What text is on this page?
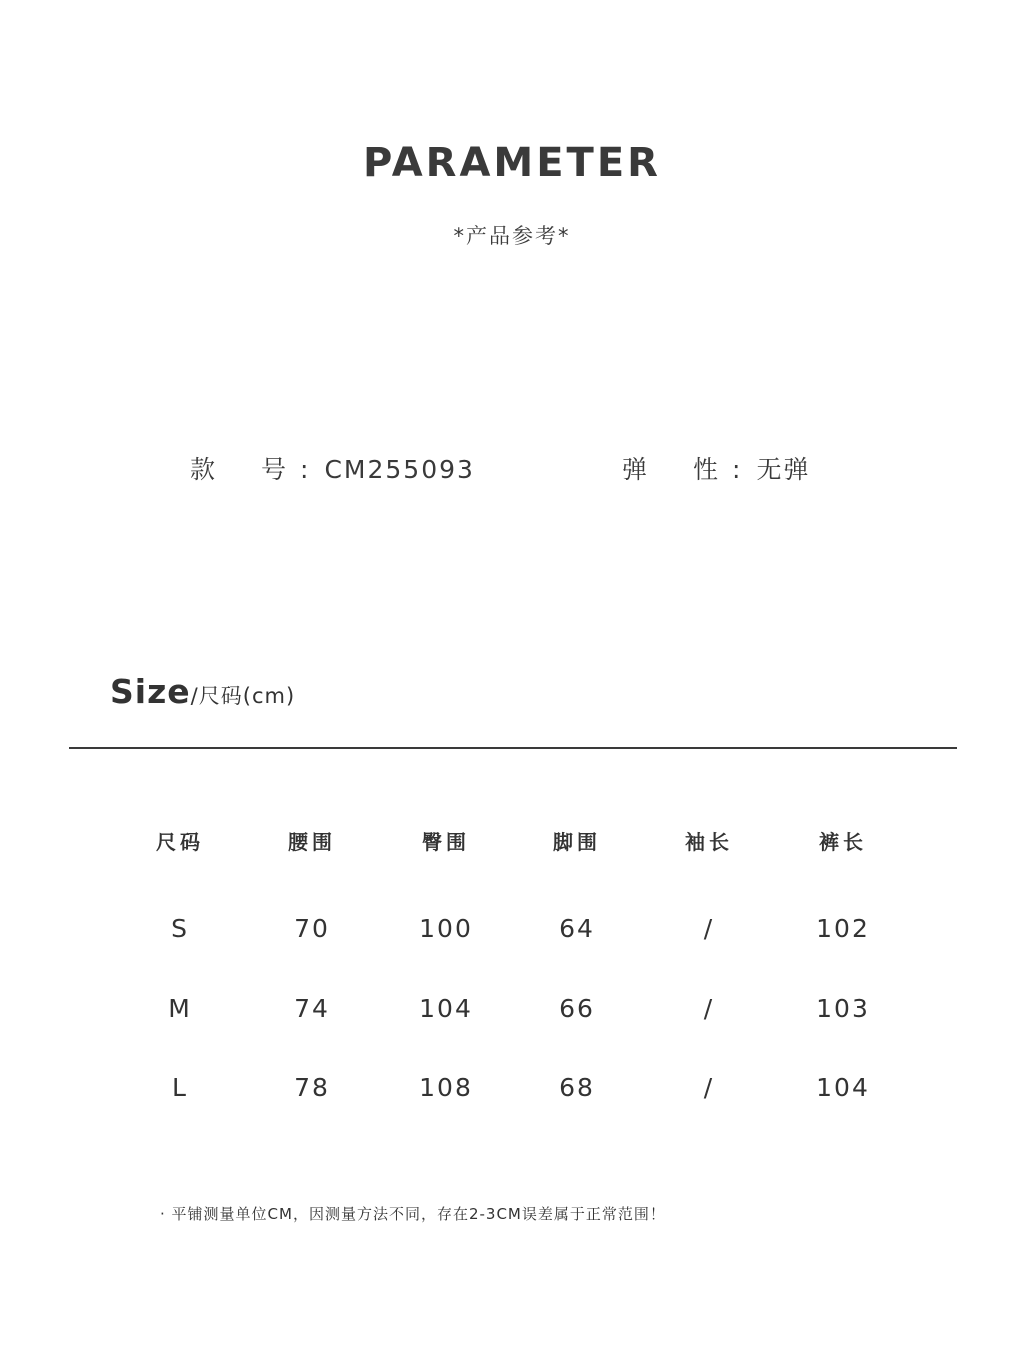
PARAMETER
*产品参考*
款 号 : CM255093	弹 性 : 无弹
Size/尺码(cm)
尺码	腰围	臀围	脚围	袖长	裤长
S	70	100	64	/	102
M	74	104	66	/	103
L	78	108	68	/	104
· 平铺测量单位CM，因测量方法不同，存在2-3CM误差属于正常范围！
